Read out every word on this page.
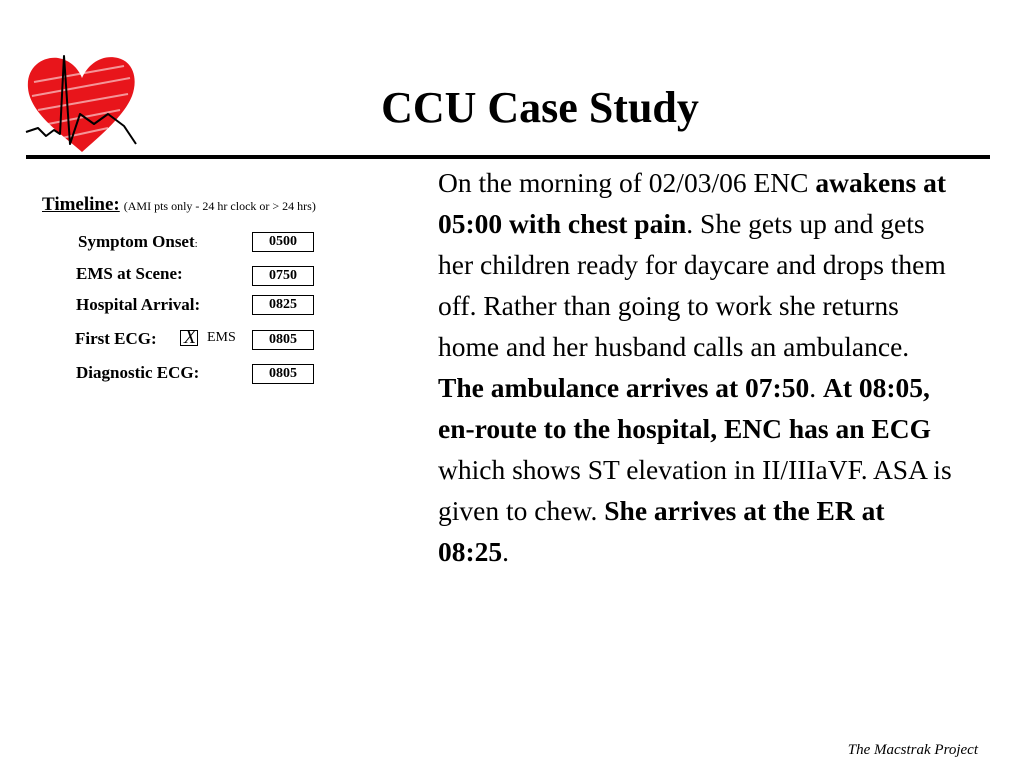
CCU Case Study
Timeline: (AMI pts only - 24 hr clock or > 24 hrs)
Symptom Onset:	0500
EMS at Scene:	0750
Hospital Arrival:	0825
First ECG: X EMS	0805
Diagnostic ECG:	0805

On the morning of 02/03/06 ENC awakens at 05:00 with chest pain. She gets up and gets her children ready for daycare and drops them off. Rather than going to work she returns home and her husband calls an ambulance. The ambulance arrives at 07:50. At 08:05, en-route to the hospital, ENC has an ECG which shows ST elevation in II/IIIaVF. ASA is given to chew. She arrives at the ER at 08:25.

The Macstrak Project
